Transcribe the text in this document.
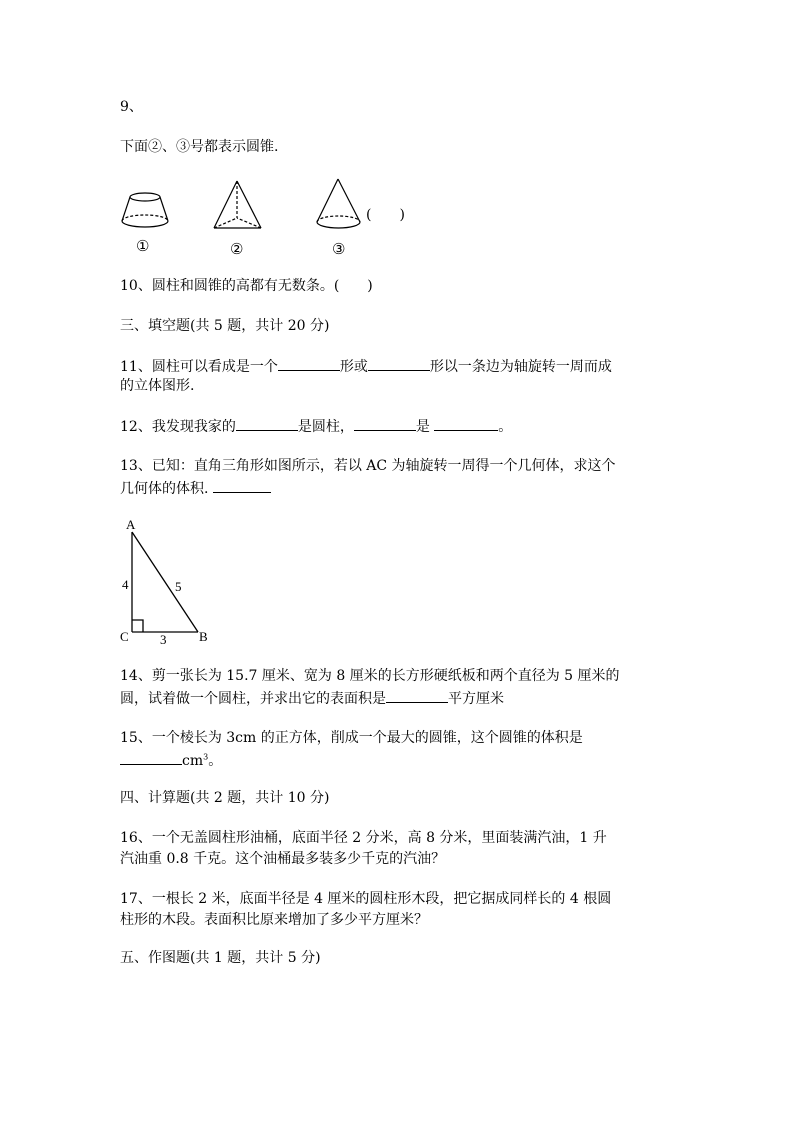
9、
下面②、③号都表示圆锥.
①	②	③
(　　)
10、圆柱和圆锥的高都有无数条。(　　)
三、填空题(共 5 题，共计 20 分)
11、圆柱可以看成是一个	形或	形以一条边为轴旋转一周而成
的立体图形.
12、我发现我家的	是圆柱，	是	。
13、已知：直角三角形如图所示，若以 AC 为轴旋转一周得一个几何体，求这个
几何体的体积.
A
C	B
4	5
3
14、剪一张长为 15.7 厘米、宽为 8 厘米的长方形硬纸板和两个直径为 5 厘米的
圆，试着做一个圆柱，并求出它的表面积是	平方厘米
15、一个棱长为 3cm 的正方体，削成一个最大的圆锥，这个圆锥的体积是
$cm^3$。
四、计算题(共 2 题，共计 10 分)
16、一个无盖圆柱形油桶，底面半径 2 分米，高 8 分米，里面装满汽油，1 升
汽油重 0.8 千克。这个油桶最多装多少千克的汽油？
17、一根长 2 米，底面半径是 4 厘米的圆柱形木段，把它据成同样长的 4 根圆
柱形的木段。表面积比原来增加了多少平方厘米？
五、作图题(共 1 题，共计 5 分)
